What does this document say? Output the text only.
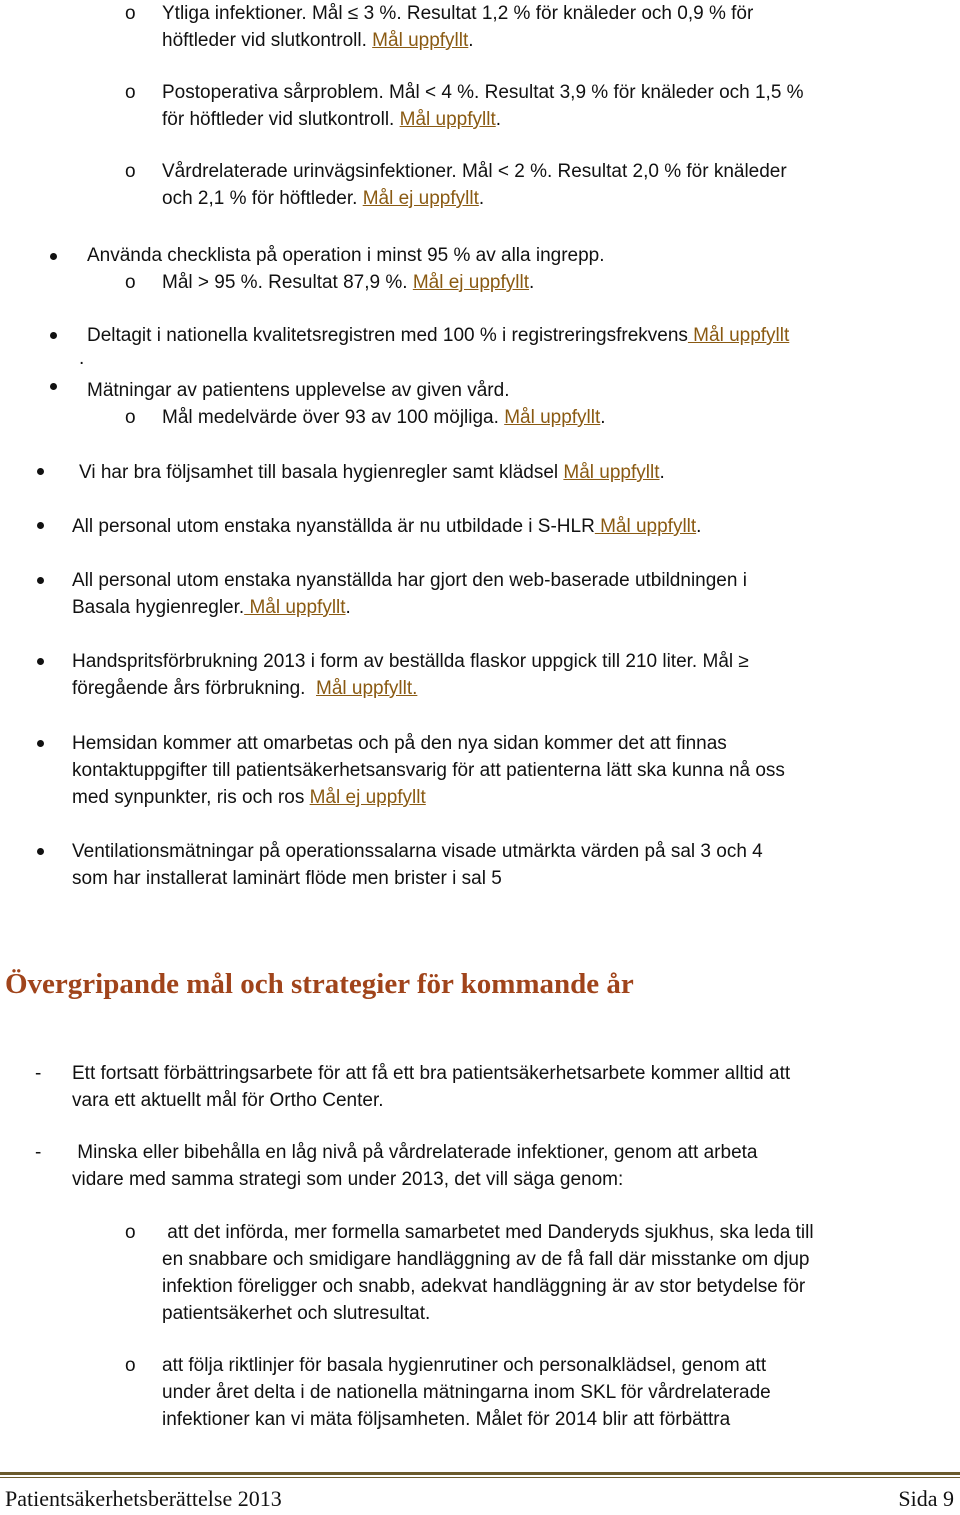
o Ytliga infektioner. Mål ≤ 3 %. Resultat 1,2 % för knäleder och 0,9 % för
höftleder vid slutkontroll. Mål uppfyllt.
o Postoperativa sårproblem. Mål < 4 %. Resultat 3,9 % för knäleder och 1,5 %
för höftleder vid slutkontroll. Mål uppfyllt.
o Vårdrelaterade urinvägsinfektioner. Mål < 2 %. Resultat 2,0 % för knäleder
och 2,1 % för höftleder. Mål ej uppfyllt.
Använda checklista på operation i minst 95 % av alla ingrepp.
o Mål > 95 %. Resultat 87,9 %. Mål ej uppfyllt.
Deltagit i nationella kvalitetsregistren med 100 % i registreringsfrekvens Mål uppfyllt
.
Mätningar av patientens upplevelse av given vård.
o Mål medelvärde över 93 av 100 möjliga. Mål uppfyllt.
Vi har bra följsamhet till basala hygienregler samt klädsel Mål uppfyllt.
All personal utom enstaka nyanställda är nu utbildade i S-HLR Mål uppfyllt.
All personal utom enstaka nyanställda har gjort den web-baserade utbildningen i
Basala hygienregler. Mål uppfyllt.
Handspritsförbrukning 2013 i form av beställda flaskor uppgick till 210 liter. Mål ≥
föregående års förbrukning.  Mål uppfyllt.
Hemsidan kommer att omarbetas och på den nya sidan kommer det att finnas
kontaktuppgifter till patientsäkerhetsansvarig för att patienterna lätt ska kunna nå oss
med synpunkter, ris och ros Mål ej uppfyllt
Ventilationsmätningar på operationssalarna visade utmärkta värden på sal 3 och 4
som har installerat laminärt flöde men brister i sal 5
Övergripande mål och strategier för kommande år
- Ett fortsatt förbättringsarbete för att få ett bra patientsäkerhetsarbete kommer alltid att
vara ett aktuellt mål för Ortho Center.
- Minska eller bibehålla en låg nivå på vårdrelaterade infektioner, genom att arbeta
vidare med samma strategi som under 2013, det vill säga genom:
o att det införda, mer formella samarbetet med Danderyds sjukhus, ska leda till
en snabbare och smidigare handläggning av de få fall där misstanke om djup
infektion föreligger och snabb, adekvat handläggning är av stor betydelse för
patientsäkerhet och slutresultat.
o att följa riktlinjer för basala hygienrutiner och personalklädsel, genom att
under året delta i de nationella mätningarna inom SKL för vårdrelaterade
infektioner kan vi mäta följsamheten. Målet för 2014 blir att förbättra
Patientsäkerhetsberättelse 2013	Sida 9
